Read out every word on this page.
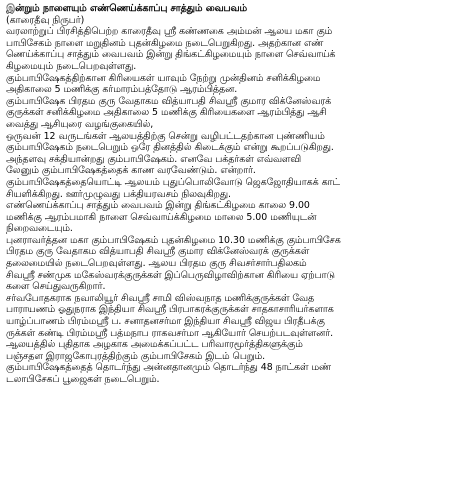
இன்றும் நாளையும் எண்ணெய்க்காப்பு சாத்தும் வைபவம்
(காரைதீவு நிருபர்)
வரலாற்றுப் பிரசித்திபெற்ற காரைதீவு ஸ்ரீ கண்ணகை அம்மன் ஆலய மகா கும்
பாபிசேகம் நாளை மறுதினம் புதன்கிழமை நடைபெறுகிறது. அதற்கான எண்
ணெய்க்காப்பு சாத்தும் வைபவம் இன்று திங்கட்கிழமையும் நாளை செவ்வாய்க்
கிழமையும் நடைபெறவுள்ளது.
கும்பாபிஷேகத்திற்கான கிரியைகள் யாவும் நேற்று முன்தினம் சனிக்கிழமை
அதிகாலை 5 மணிக்கு கர்மாரம்பத்தோடு ஆரம்பித்தன.
கும்பாபிஷேக பிரதம குரு வேதாகம வித்யாபதி சிவஸ்ரீ குமார விக்னேஸ்வரக்
குருக்கள் சனிக்கிழமை அதிகாலை 5 மணிக்கு கிரியைகளை ஆரம்பித்து ஆசி
வைத்து ஆசியுரை வழங்குகையில்,
ஒருவன் 12 வருடங்கள் ஆலயத்திற்கு சென்று வழிபட்டதற்கான புண்ணியம்
கும்பாபிஷேகம் நடைபெறும் ஒரே தினத்தில் கிடைக்கும் என்று கூறப்படுகிறது.
அந்தளவு சக்தியான்றது கும்பாபிஷேகம். எனவே பக்தர்கள் எவ்வளவி
லேனும் கும்பாபிஷேகத்தைக் காண வரவேண்டும். என்றார்.
கும்பாபிஷேகத்தையொட்டி ஆலயம் புதுப்பொலிவோடு ஜெகஜோதியாகக் காட்
சியளிக்கிறது. ஊர்முழுவது பக்தியரவசம் நிலவுகிறது.
எண்ணெய்க்காப்பு சாத்தும் வைபவம் இன்று திங்கட்கிழமை காலை 9.00
மணிக்கு ஆரம்பமாகி நாளை செவ்வாய்க்கிழமை மாலை 5.00 மணியுடன்
நிறைவடையும்.
புனராவர்த்தன மகா கும்பாபிஷேகம் புதன்கிழமை 10.30 மணிக்கு கும்பாபிசேக
பிரதம குரு வேதாகம வித்யாபதி சிவஸ்ரீ குமார விக்னேஸ்வரக் குருக்கள்
தலைமையில் நடைபெறவுள்ளது. ஆலய பிரதம குரு சிவசர்சார்பதிலகம்
சிவஸ்ரீ சண்முக மகேஸ்வரக்குருக்கள் இப்பெருவிழாவிற்கான கிரியை ஏற்பாடு
களை செய்துவருகிறார்.
சர்வபோதகராக நவாலியூர் சிவஸ்ரீ சாமி விஸ்வநாத மணிக்குருக்கள் வேத
பாராயணம் ஓதுநராக இந்தியா சிவஸ்ரீ பிரபாகரக்குருக்கள் சாதகாசாரியர்களாக
யாழ்ப்பாணம் பிரம்மஸ்ரீ ப. சனாதனசர்மா இந்தியா சிவஸ்ரீ விஜய பிரதீபக்கு
ருக்கள் கண்டி பிரம்மஸ்ரீ பத்மநாப ராகவசர்மா ஆகியோர் செயற்படவுள்ளனர்.
ஆலயத்தில் புதிதாக அழகாக அமைக்கப்பட்ட பரிவாரமூர்த்திகளுக்கும்
பஞ்சதள இராஜகோபுரத்திற்கும் கும்பாபிசேகம் இடம் பெறும்.
கும்பாபிஷேகத்தைத் தொடர்ந்து அன்னதானமும் தொடர்ந்து 48 நாட்கள் மண்
டலாபிசேகப் பூஜைகள் நடைபெறும்.
